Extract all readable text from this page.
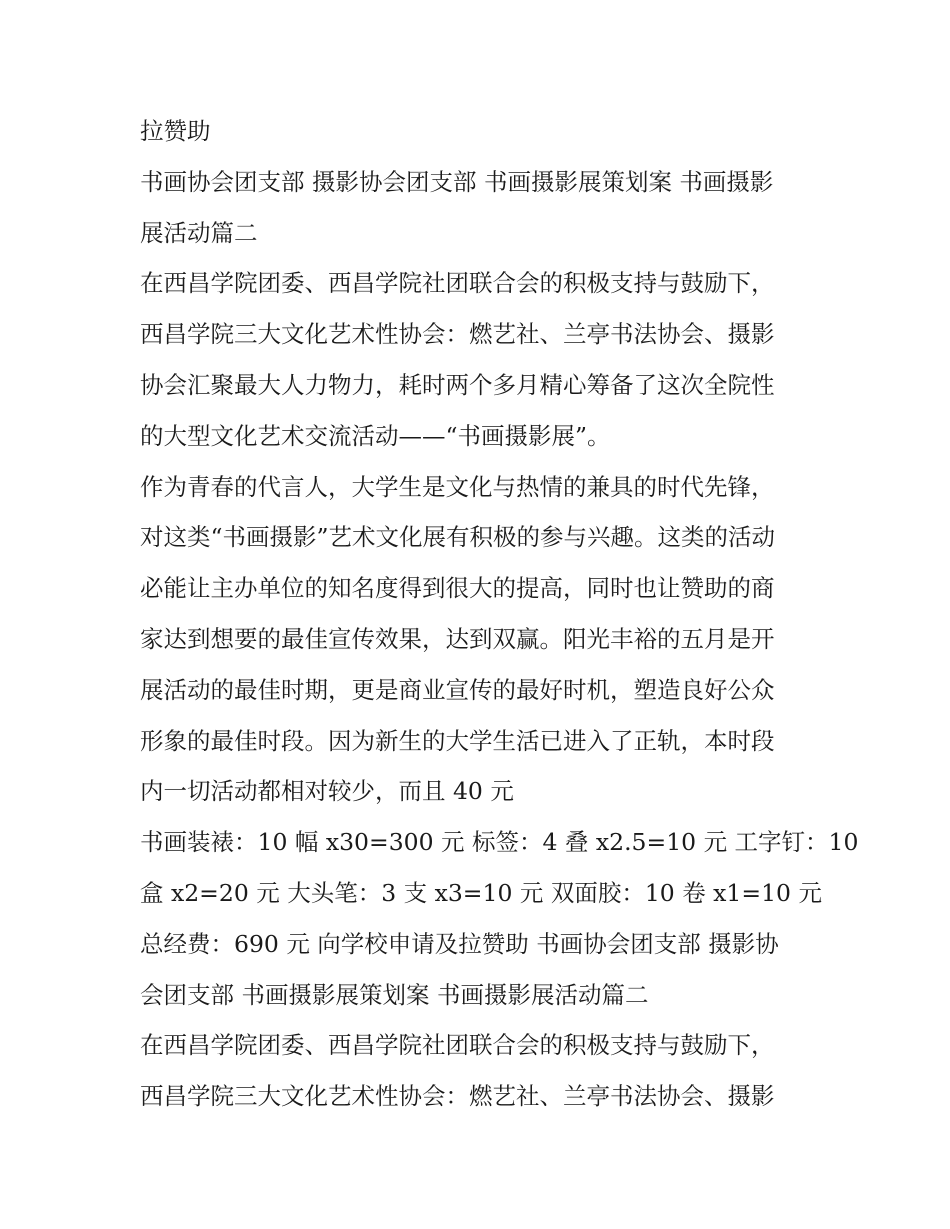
拉赞助
书画协会团支部 摄影协会团支部 书画摄影展策划案 书画摄影
展活动篇二
在西昌学院团委、西昌学院社团联合会的积极支持与鼓励下，
西昌学院三大文化艺术性协会：燃艺社、兰亭书法协会、摄影
协会汇聚最大人力物力，耗时两个多月精心筹备了这次全院性
的大型文化艺术交流活动——“书画摄影展”。
作为青春的代言人，大学生是文化与热情的兼具的时代先锋，
对这类“书画摄影”艺术文化展有积极的参与兴趣。这类的活动
必能让主办单位的知名度得到很大的提高，同时也让赞助的商
家达到想要的最佳宣传效果，达到双赢。阳光丰裕的五月是开
展活动的最佳时期，更是商业宣传的最好时机，塑造良好公众
形象的最佳时段。因为新生的大学生活已进入了正轨，本时段
内一切活动都相对较少，而且 40 元
书画装裱：10 幅 x30=300 元 标签：4 叠 x2.5=10 元 工字钉：10
盒 x2=20 元 大头笔：3 支 x3=10 元 双面胶：10 卷 x1=10 元
总经费：690 元 向学校申请及拉赞助 书画协会团支部 摄影协
会团支部 书画摄影展策划案 书画摄影展活动篇二
在西昌学院团委、西昌学院社团联合会的积极支持与鼓励下，
西昌学院三大文化艺术性协会：燃艺社、兰亭书法协会、摄影
